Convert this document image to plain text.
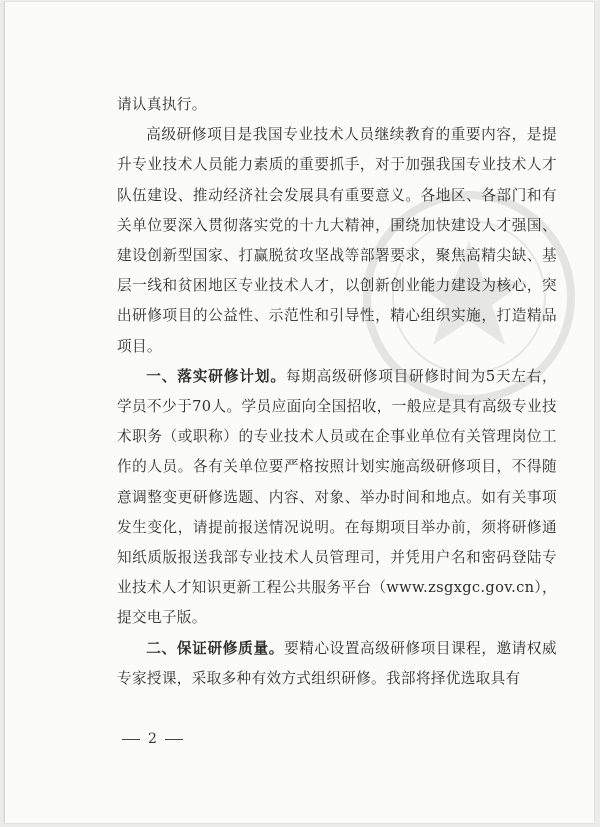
请认真执行。

高级研修项目是我国专业技术人员继续教育的重要内容，是提升专业技术人员能力素质的重要抓手，对于加强我国专业技术人才队伍建设、推动经济社会发展具有重要意义。各地区、各部门和有关单位要深入贯彻落实党的十九大精神，围绕加快建设人才强国、建设创新型国家、打赢脱贫攻坚战等部署要求，聚焦高精尖缺、基层一线和贫困地区专业技术人才，以创新创业能力建设为核心，突出研修项目的公益性、示范性和引导性，精心组织实施，打造精品项目。

一、落实研修计划。每期高级研修项目研修时间为5天左右，学员不少于70人。学员应面向全国招收，一般应是具有高级专业技术职务（或职称）的专业技术人员或在企事业单位有关管理岗位工作的人员。各有关单位要严格按照计划实施高级研修项目，不得随意调整变更研修选题、内容、对象、举办时间和地点。如有关事项发生变化，请提前报送情况说明。在每期项目举办前，须将研修通知纸质版报送我部专业技术人员管理司，并凭用户名和密码登陆专业技术人才知识更新工程公共服务平台（www.zsgxgc.gov.cn），提交电子版。

二、保证研修质量。要精心设置高级研修项目课程，邀请权威专家授课，采取多种有效方式组织研修。我部将择优选取具有

2
